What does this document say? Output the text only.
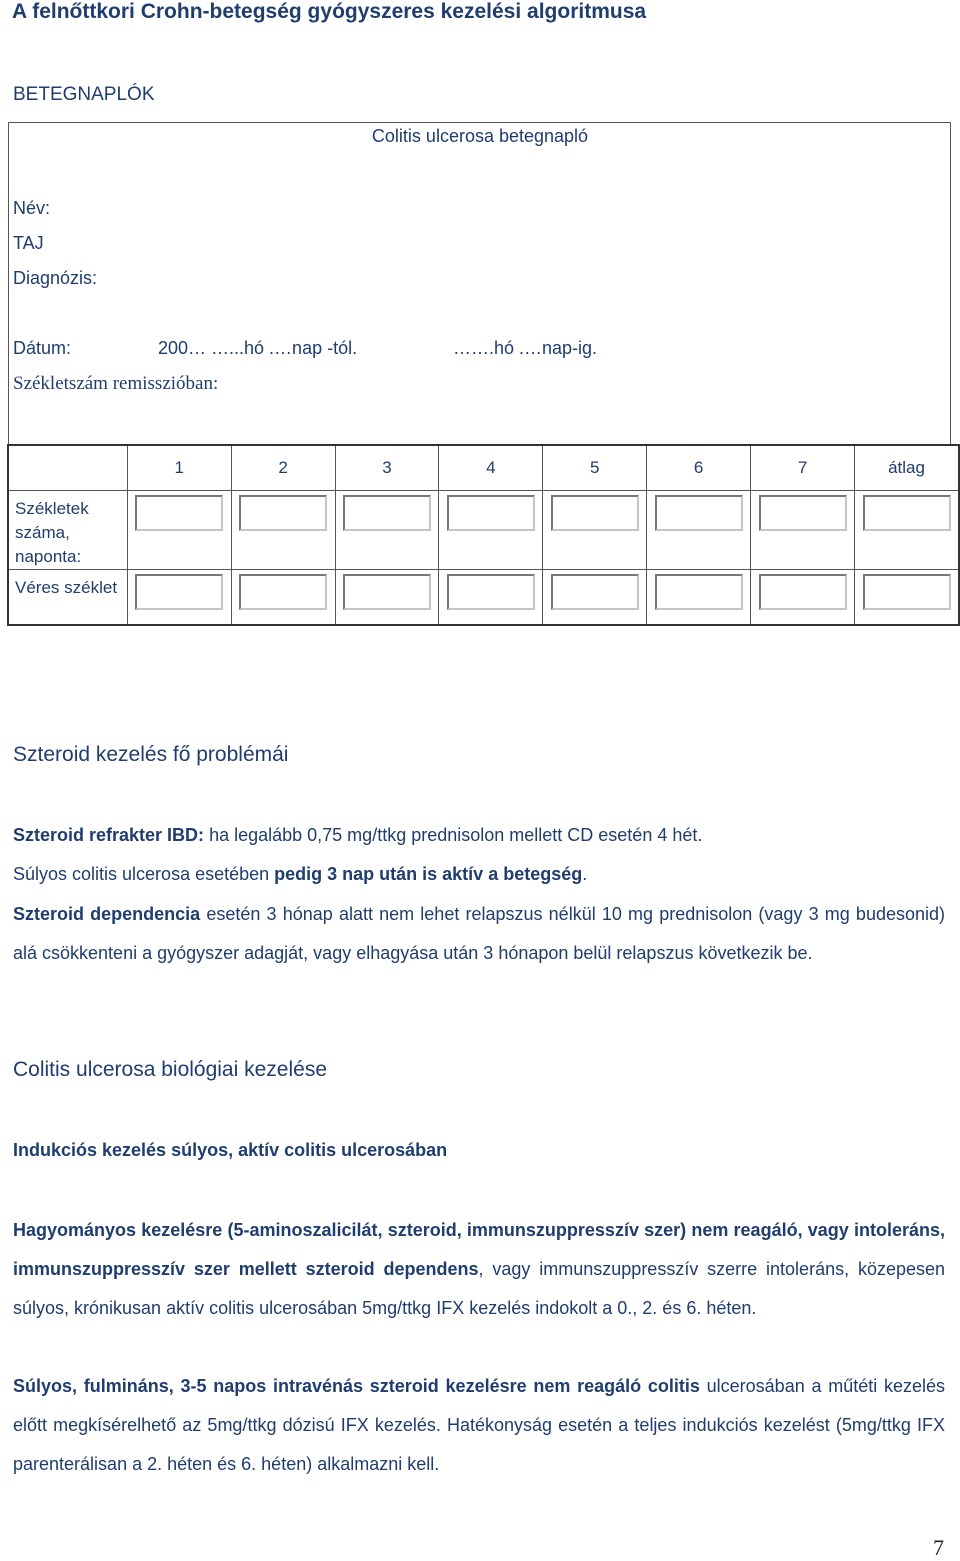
A felnőttkori Crohn-betegség gyógyszeres kezelési algoritmusa
BETEGNAPLÓK
Colitis ulcerosa betegnapló
Név:
TAJ
Diagnózis:
Dátum:	200… …...hó .…nap -tól.	…….hó .…nap-ig.
Székletszám remisszióban:
	1	2	3	4	5	6	7	átlag
Székletek száma, naponta:	

Véres széklet	

Szteroid kezelés fő problémái
Szteroid refrakter IBD: ha legalább 0,75 mg/ttkg prednisolon mellett CD esetén 4 hét.
Súlyos colitis ulcerosa esetében pedig 3 nap után is aktív a betegség.
Szteroid dependencia esetén 3 hónap alatt nem lehet relapszus nélkül 10 mg prednisolon (vagy 3 mg budesonid) alá csökkenteni a gyógyszer adagját, vagy elhagyása után 3 hónapon belül relapszus következik be.
Colitis ulcerosa biológiai kezelése
Indukciós kezelés súlyos, aktív colitis ulcerosában
Hagyományos kezelésre (5-aminoszalicilát, szteroid, immunszuppresszív szer) nem reagáló, vagy intoleráns, immunszuppresszív szer mellett szteroid dependens, vagy immunszuppresszív szerre intoleráns, közepesen súlyos, krónikusan aktív colitis ulcerosában 5mg/ttkg IFX kezelés indokolt a 0., 2. és 6. héten.
Súlyos, fulmináns, 3-5 napos intravénás szteroid kezelésre nem reagáló colitis ulcerosában a műtéti kezelés előtt megkísérelhető az 5mg/ttkg dózisú IFX kezelés. Hatékonyság esetén a teljes indukciós kezelést (5mg/ttkg IFX parenterálisan a 2. héten és 6. héten) alkalmazni kell.
7
